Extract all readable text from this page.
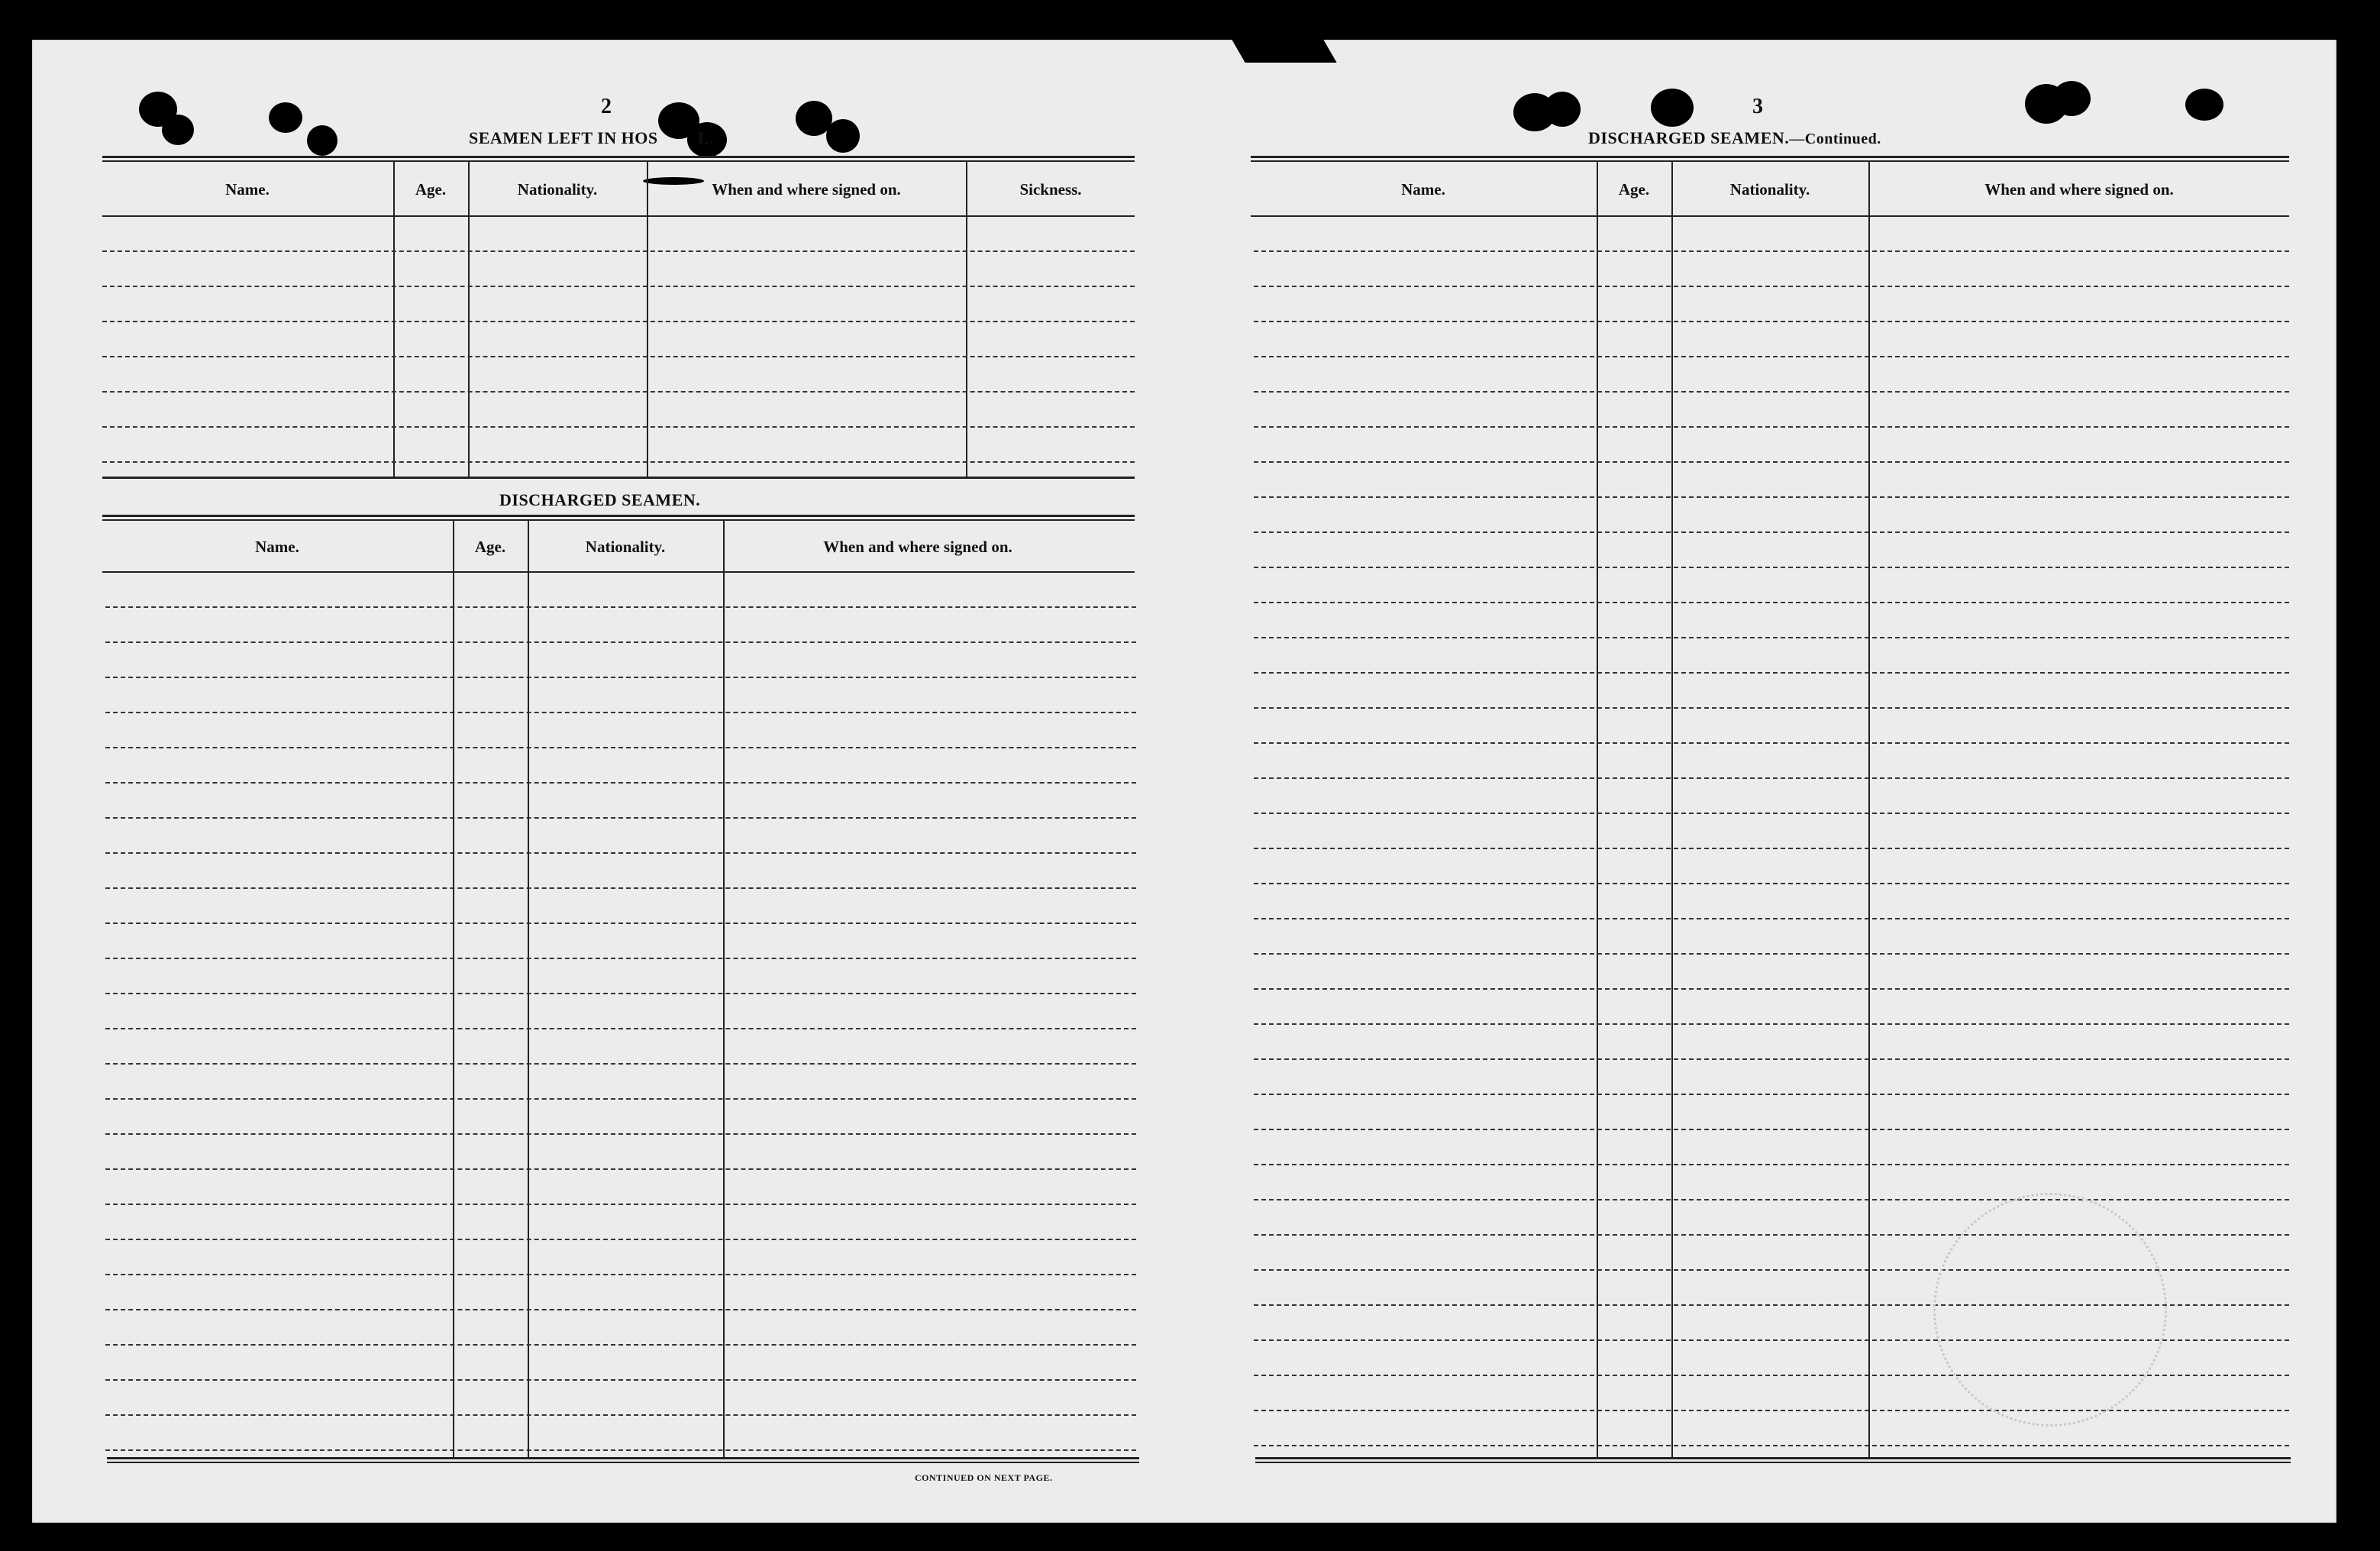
2
SEAMEN LEFT IN HOS L.
Name.	Age.	Nationality.	When and where signed on.	Sickness.
DISCHARGED SEAMEN.
Name.	Age.	Nationality.	When and where signed on.
CONTINUED ON NEXT PAGE.
3
DISCHARGED SEAMEN.—Continued.
Name.	Age.	Nationality.	When and where signed on.
